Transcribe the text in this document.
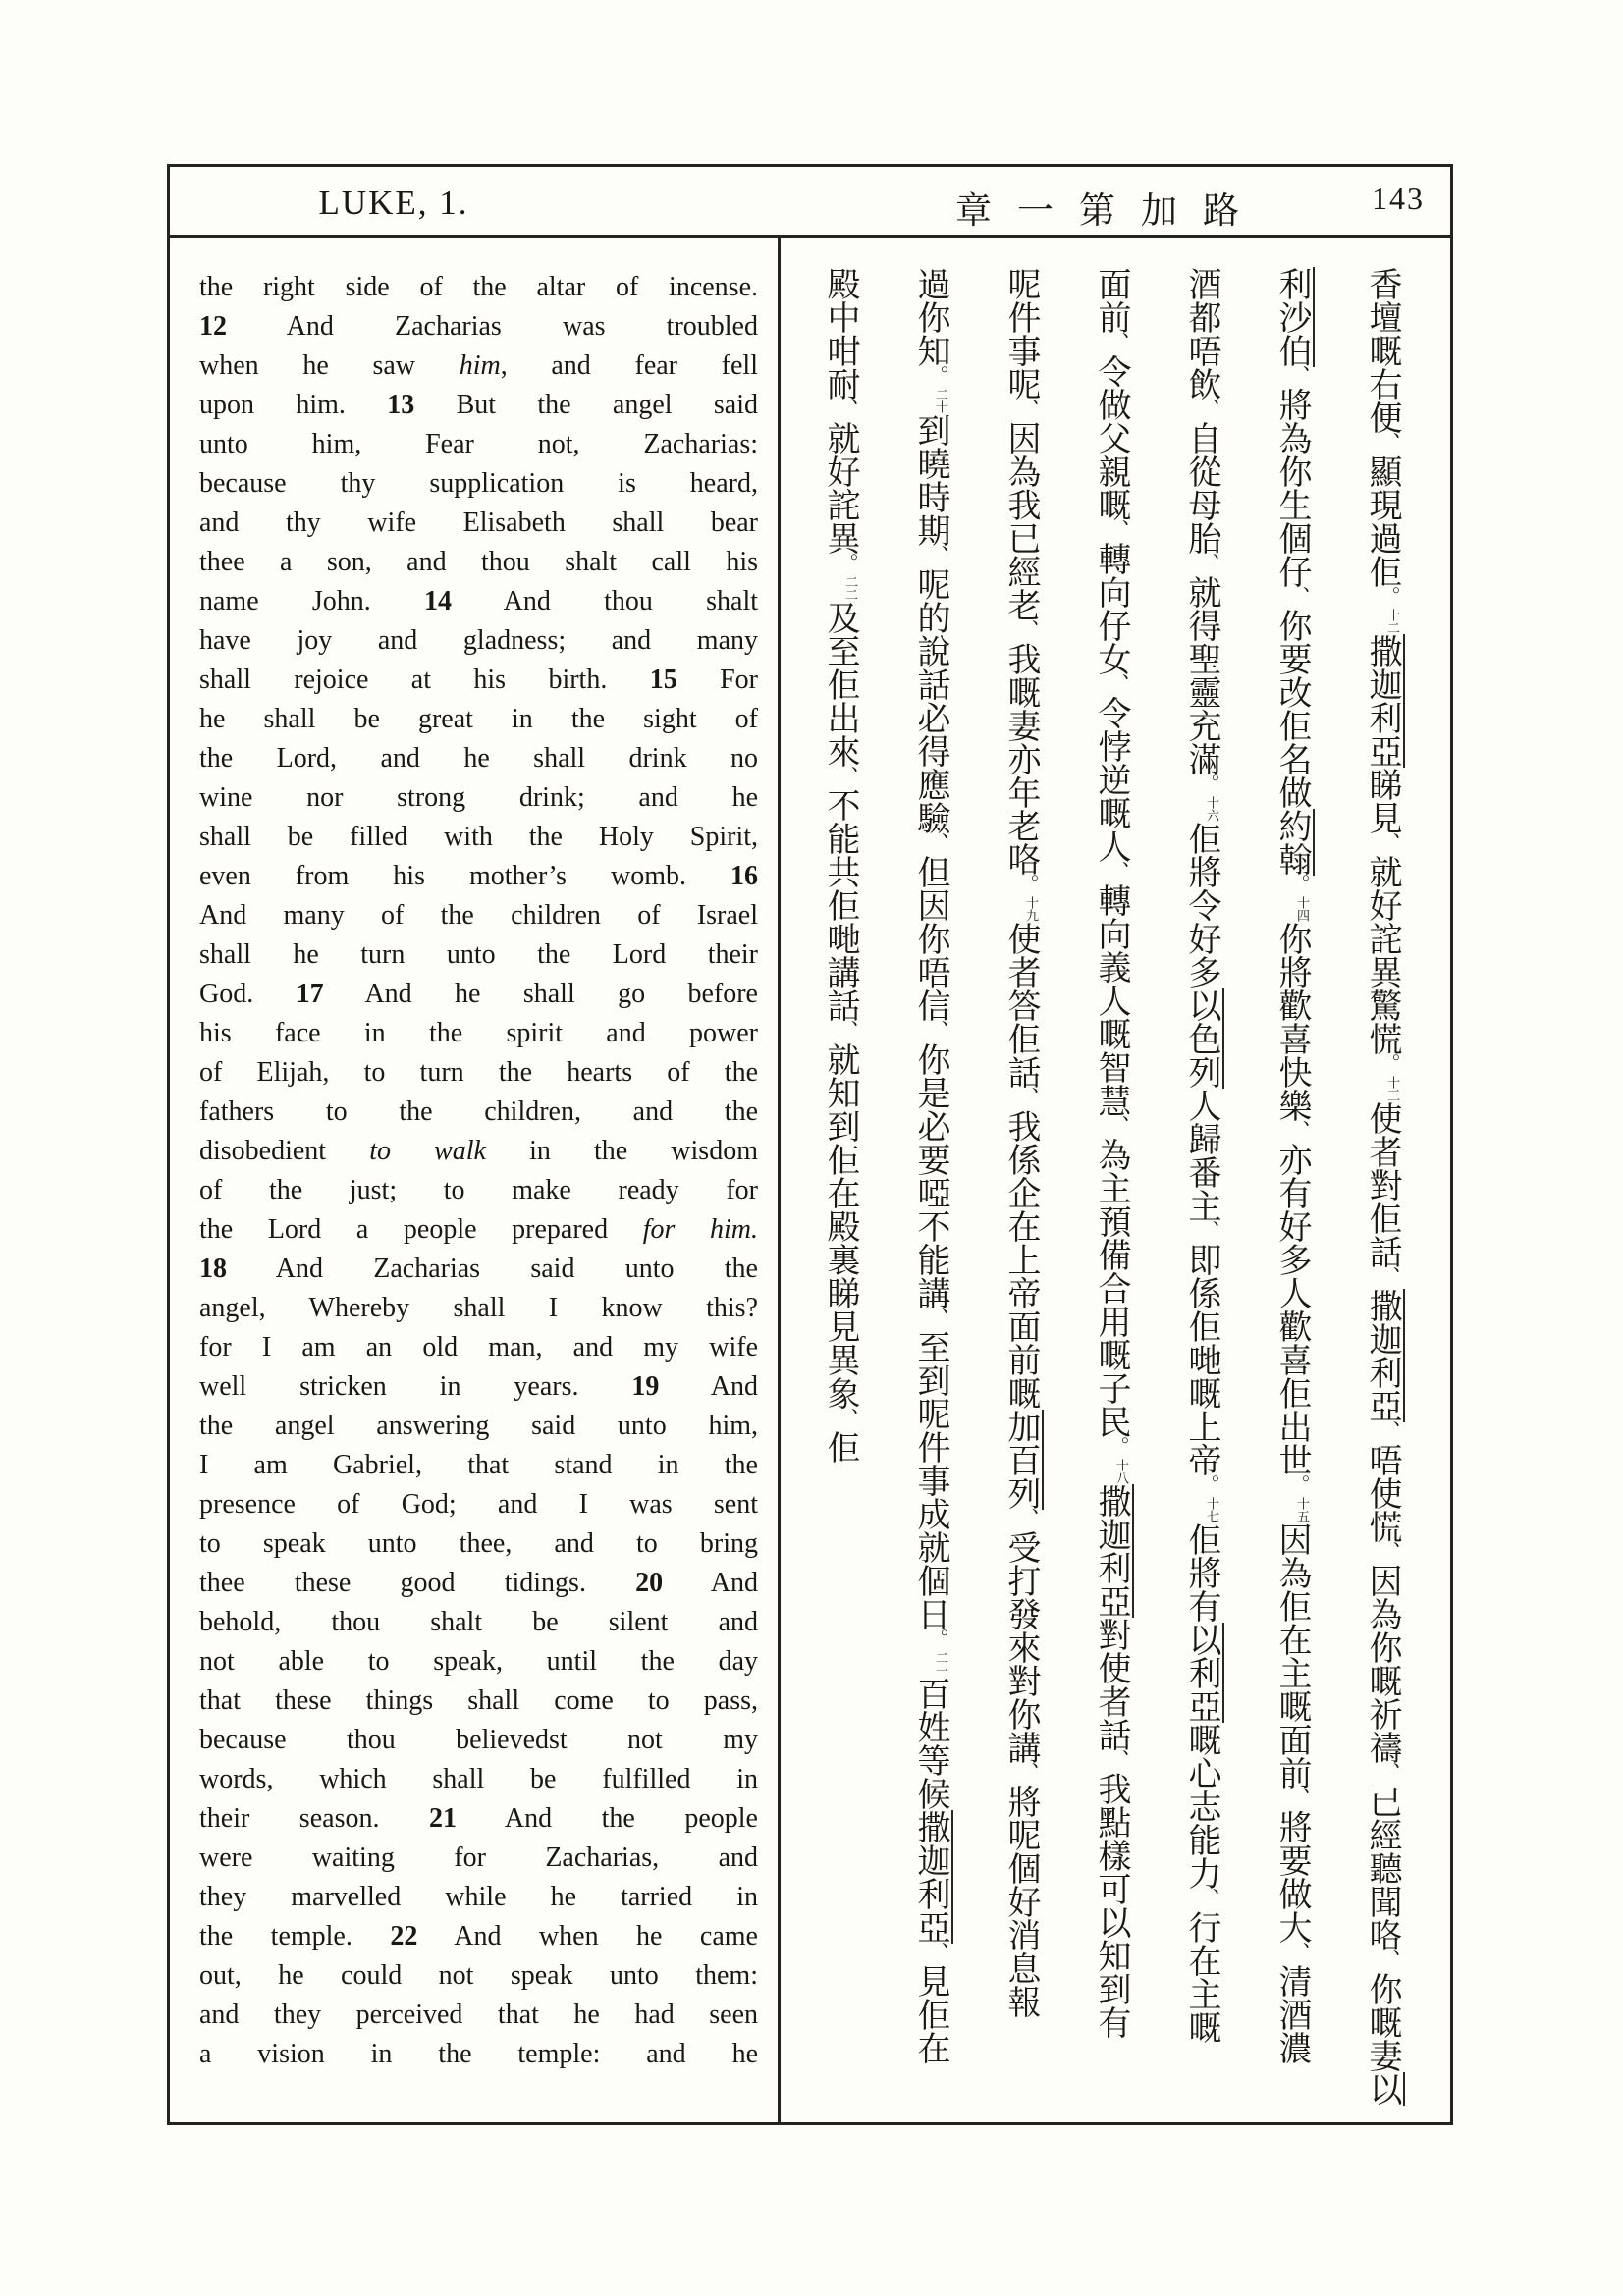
LUKE, 1.	章一第加路	143
the right side of the altar of incense.
12 And Zacharias was troubled
when he saw him, and fear fell
upon him. 13 But the angel said
unto him, Fear not, Zacharias:
because thy supplication is heard,
and thy wife Elisabeth shall bear
thee a son, and thou shalt call his
name John. 14 And thou shalt
have joy and gladness; and many
shall rejoice at his birth. 15 For
he shall be great in the sight of
the Lord, and he shall drink no
wine nor strong drink; and he
shall be filled with the Holy Spirit,
even from his mother’s womb. 16
And many of the children of Israel
shall he turn unto the Lord their
God. 17 And he shall go before
his face in the spirit and power
of Elijah, to turn the hearts of the
fathers to the children, and the
disobedient to walk in the wisdom
of the just; to make ready for
the Lord a people prepared for him.
18 And Zacharias said unto the
angel, Whereby shall I know this?
for I am an old man, and my wife
well stricken in years. 19 And
the angel answering said unto him,
I am Gabriel, that stand in the
presence of God; and I was sent
to speak unto thee, and to bring
thee these good tidings. 20 And
behold, thou shalt be silent and
not able to speak, until the day
that these things shall come to pass,
because thou believedst not my
words, which shall be fulfilled in
their season. 21 And the people
were waiting for Zacharias, and
they marvelled while he tarried in
the temple. 22 And when he came
out, he could not speak unto them:
and they perceived that he had seen
a vision in the temple: and he
香壇嘅右便、顯現過佢。十二撒迦利亞睇見、就好詫異驚慌。十三使者對佢話、撒迦利亞、唔使慌、因為你嘅祈禱、已經聽聞咯、你嘅妻以
利沙伯、將為你生個仔、你要改佢名做約翰。十四你將歡喜快樂、亦有好多人歡喜佢出世。十五因為佢在主嘅面前、將要做大、清酒濃
酒都唔飲、自從母胎、就得聖靈充滿。十六佢將令好多以色列人歸番主、即係佢哋嘅上帝。十七佢將有以利亞嘅心志能力、行在主嘅
面前、令做父親嘅、轉向仔女、令悖逆嘅人、轉向義人嘅智慧、為主預備合用嘅子民。十八撒迦利亞對使者話、我點樣可以知到有
呢件事呢、因為我已經老、我嘅妻亦年老咯。十九使者答佢話、我係企在上帝面前嘅加百列、受打發來對你講、將呢個好消息報
過你知。二十到曉時期、呢的說話必得應驗、但因你唔信、你是必要啞不能講、至到呢件事成就個日。二一百姓等候撒迦利亞、見佢在
殿中咁耐、就好詫異。二二及至佢出來、不能共佢哋講話、就知到佢在殿裏睇見異象、佢
